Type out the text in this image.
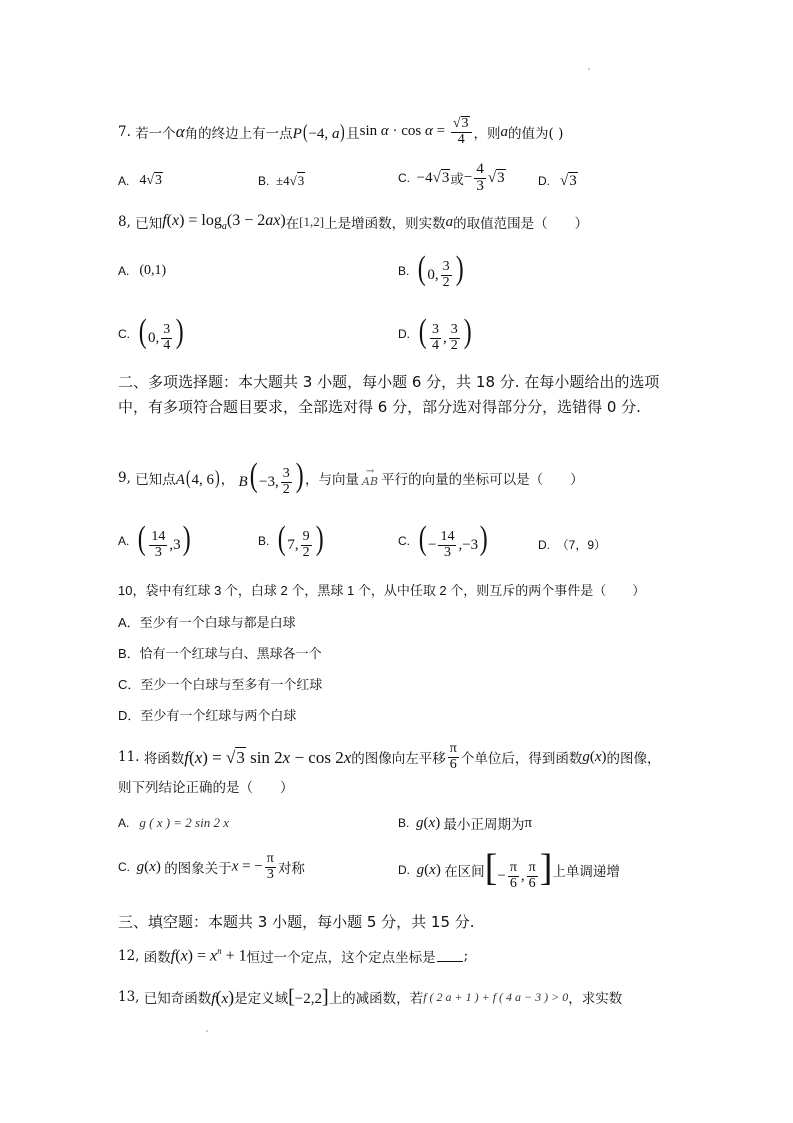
7.
若一个 α 角的终边上有一点 P(−4, a) 且 $\sin \alpha \cdot \cos \alpha = \frac{√ 3}{4}$ ，则 a 的值为( )
A.
4√ 3	B.
±4√ 3	C.
−4√ 3 或 − $\frac{4}{3}$ √ 3	D.
√ 3
8,
已知 $f(x) = \log_a(3 - 2ax)$ 在 [1,2] 上是增函数，则实数 a 的取值范围是（　　）
A.
(0,1)	B.
( 0, $\frac{3}{2}$ )
C.
( 0, $\frac{3}{4}$ )	D.
( $\frac{3}{4}$ , $\frac{3}{2}$ )
二、多项选择题：本大题共 3 小题，每小题 6 分，共 18 分. 在每小题给出的选项中，有多项符合题目要求，全部选对得 6 分，部分选对得部分分，选错得 0 分.
9,
已知点 A(4, 6) ，
B( −3, $\frac{3}{2}$ ) ，与向量
→
AB 平行的向量的坐标可以是（　　）
A.
( $\frac{14}{3} ,3$)	B.
( 7, $\frac{9}{2}$ )	C.
( − $\frac{14}{3} ,-3$)	D.
（7，9）
10，袋中有红球 3 个，白球 2 个，黑球 1 个，从中任取 2 个，则互斥的两个事件是（　　）
A．至少有一个白球与都是白球
B．恰有一个红球与白、黑球各一个
C．至少一个白球与至多有一个红球
D．至少有一个红球与两个白球
11.
将函数 f(x) = √ 3 sin 2x − cos 2x 的图像向左平移 $\frac{\pi}{6}$ 个单位后，得到函数 g(x) 的图像，
则下列结论正确的是（　　）
A.
g ( x ) = 2 sin 2 x	B.
g(x)
最小正周期为 π
C.
g(x)
的图象关于 x = − $\frac{\pi}{3}$ 对称	D.
g(x)
在区间 [− $\frac{\pi}{6}$ , $\frac{\pi}{6}$ ] 上单调递增
三、填空题：本题共 3 小题，每小题 5 分，共 15 分.
12,
函数 $f(x) = x^n + 1$ 恒过一个定点，这个定点坐标是 ;
13,
已知奇函数 f(x) 是定义域 [−2,2] 上的减函数，若 f ( 2 a + 1 ) + f ( 4 a − 3 ) > 0 ，求实数
